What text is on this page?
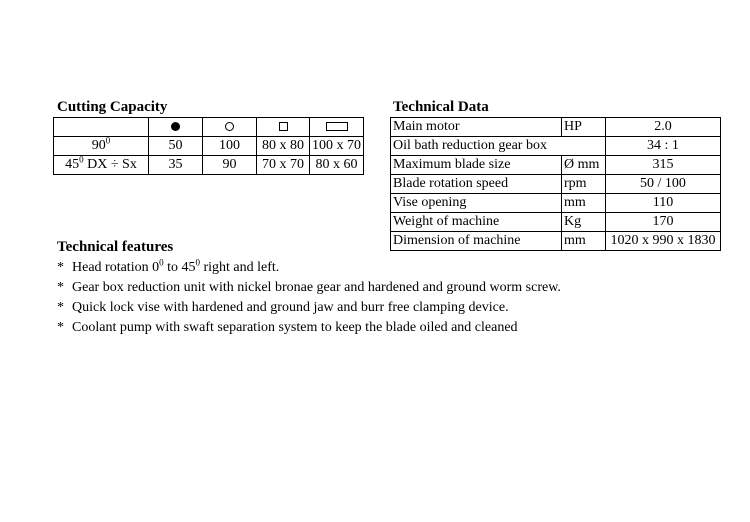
Cutting Capacity

$90^0$	50	100	80 x 80	100 x 70
$45^0$ DX ÷ Sx	35	90	70 x 70	80 x 60
Technical Data
Main motor	HP	2.0
Oil bath reduction gear box		34 : 1
Maximum blade size	Ø mm	315
Blade rotation speed	rpm	50 / 100
Vise opening	mm	110
Weight of machine	Kg	170
Dimension of machine	mm	1020 x 990 x 1830
Technical features
* Head rotation $0^0$ to $45^0$ right and left.
* Gear box reduction unit with nickel bronae gear and hardened and ground worm screw.
* Quick lock vise with hardened and ground jaw and burr free clamping device.
* Coolant pump with swaft separation system to keep the blade oiled and cleaned
